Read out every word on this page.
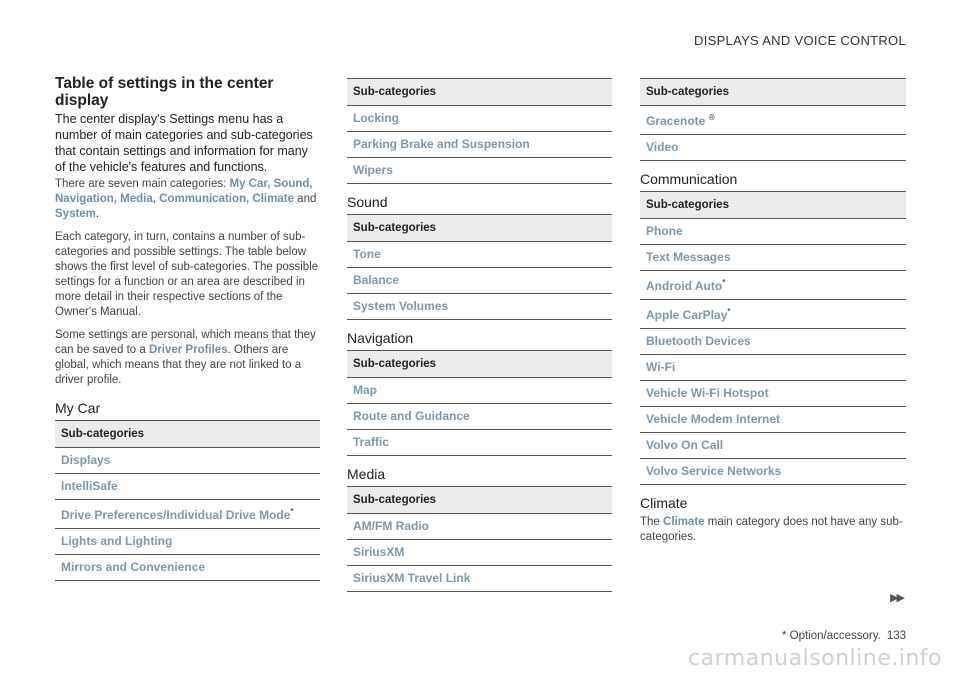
DISPLAYS AND VOICE CONTROL
Table of settings in the center display

The center display's Settings menu has a number of main categories and sub-categories that contain settings and information for many of the vehicle's features and functions.

There are seven main categories: My Car, Sound, Navigation, Media, Communication, Climate and System.

Each category, in turn, contains a number of sub-categories and possible settings. The table below shows the first level of sub-categories. The possible settings for a function or an area are described in more detail in their respective sections of the Owner's Manual.

Some settings are personal, which means that they can be saved to a Driver Profiles. Others are global, which means that they are not linked to a driver profile.

My Car
Sub-categories
Displays
IntelliSafe
Drive Preferences/Individual Drive Mode*
Lights and Lighting
Mirrors and Convenience
Sub-categories
Locking
Parking Brake and Suspension
Wipers
Sound
Sub-categories
Tone
Balance
System Volumes
Navigation
Sub-categories
Map
Route and Guidance
Traffic
Media
Sub-categories
AM/FM Radio
SiriusXM
SiriusXM Travel Link
Sub-categories
Gracenote ®
Video
Communication
Sub-categories
Phone
Text Messages
Android Auto*
Apple CarPlay*
Bluetooth Devices
Wi-Fi
Vehicle Wi-Fi Hotspot
Vehicle Modem Internet
Volvo On Call
Volvo Service Networks
Climate

The Climate main category does not have any sub-categories.

▶▶
* Option/accessory. 133
carmanualsonline.info
